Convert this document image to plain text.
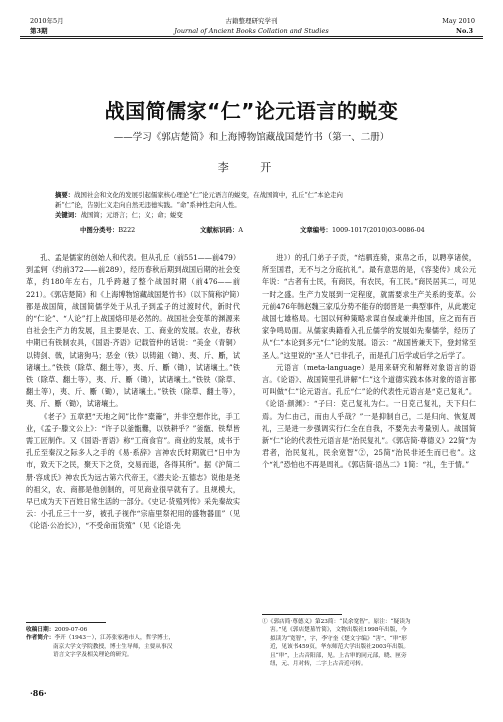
2010年5月
第3期
古籍整理研究学刊
Journal of Ancient Books Collation and Studies
May 2010
No.3
战国简儒家“仁”论元语言的蜕变
——学习《郭店楚简》和上海博物馆藏战国楚竹书（第一、二册）
李 开
摘要：战国社会和文化的发展引起儒家核心理论“仁”论元语言的蜕变，在战国简中，孔丘“仁”本论走向
新“仁”论，告别仁义走向自然无违德实践。“命”系神性走向人性。
关键词：战国简；元语言；仁；义；命；蜕变
中图分类号：B222	文献标识码：A	文章编号：1009-1017(2010)03-0086-04

孔、孟是儒家的创始人和代表。但从孔丘（前551——前479）到孟轲（约前372——前289），经历春秋后期到战国后期的社会变革，约180年左右，几乎跨越了整个战国时期（前476——前221）。《郭店楚简》和《上海博物馆藏战国楚竹书》（以下简称沪简）都是战国简，战国简儒学处于从孔子到孟子的过渡时代，新时代的“仁论”、“人论”打上战国烙印是必然的。战国社会变革的渊源来自社会生产力的发展，且主要是农、工、商业的发展。农业，春秋中期已有铁制农具，《国语·齐语》记载管仲的话说：“美金（青铜）以铸剑、戟，试诸狗马；恶金（铁）以铸鉏（锄）、夷、斤、斸，试诸壤土。”铁铁（除草、翻土等），夷、斤、斸（锄），试诸壤土。”铁铁（除草、翻土等），夷、斤、斸（锄），试诸壤土。”铁铁（除草、翻土等），夷、斤、斸（锄），试诸壤土。”铁铁（除草、翻土等），夷、斤、斸（锄），试诸壤土。

《老子》五章把“天地之间”比作“橐籥”，并非空想作比，手工业，《孟子·滕文公上》：“许子以釜甑爨，以铁耕乎？”釜甑、铁犁皆需工匠制作。又《国语·晋语》称“工商食官”。商业的发展，成书于孔丘至秦汉之际多人之手的《易·系辞》言神农氏时期就已“日中为市，致天下之民，聚天下之货，交易而退，各得其所”。据《沪简二册·容成氏》神农氏为远古第六代帝王，《潜夫论·五德志》说他是尧的祖父，农、商都是他创制的，可见商业很早就有了。且规模大，早已成为天下百姓日常生活的一部分。《史记·货殖列传》采先秦故实云：小孔丘三十一岁，被孔子视作“宗庙里祭祀用的盛物器皿”（见《论语·公冶长》），“不受命而货殖”（见《论语·先

进》）的孔门弟子子贡，“结驷连骑，束帛之币，以聘享诸侯，所至国君，无不与之分庭抗礼”。最有意思的是，《容斐传》成公元年说：“古者有士民，有商民，有农民，有工民。”商民居其二，可见一时之盛。生产力发展到一定程度，就需要求生产关系的变革。公元前476年韩赵魏三家瓜分势不能存的弱晋是一典型事件，从此裹定战国七雄格局。七国以何种策略求谋自保或兼并他国，应之而有百家争鸣局面。从儒家典籍看入孔丘儒学的发展如先秦儒学，经历了从“仁”本论到多元“仁”论的发展。语云：“战国皆兼天下，登封常至圣人。”这里说的“圣人”已非孔子，而是孔门后学或后学之后学了。

元语言（meta-language）是用来研究和解释对象语言的语言。《论语》、战国简里孔讲解“仁”这个道德实践本体对象的语言都可叫做“仁”论元语言。孔丘“仁”论的代表性元语言是“克己复礼”。《论语·颜渊》：“子曰：克己复礼为仁。一日克己复礼，天下归仁焉。为仁由己，而由人乎哉？”一是抑制自己，二是归向、恢复周礼，三是进一步强调实行仁全在自我，不要先去考量别人。战国简新“仁”论的代表性元语言是“治民复礼”。《郭店简·尊德义》22简“为君者，治民复礼，民余宽智”②，25简“治民非还生而已也”。这个“礼”恐怕也不再是周礼。《郭店简·语丛二》1简：“礼，生于情。”

收稿日期：2009-07-06
作者简介：李开（1943－），江苏张家港市人，哲学博士，
南京大学文学院教授，博士生导师，主要从事汉
语言文字学及相关理论的研究。
①《郭店简·尊德义》第23简：“民余宽智”。原注：“疑读为
害。”见《郭店楚墓竹简》，文物出版社1998年出版，今
拟读为“宽智”，字，李守奎《楚文字编》“害”、“审”形
近，见该书459页，华东师范大学出版社2003年出版。
且“审”，上古音阳部，见。上古审的同元部，晓、匣旁
纽，元、月对转，二字上古音近可转。
·86·
